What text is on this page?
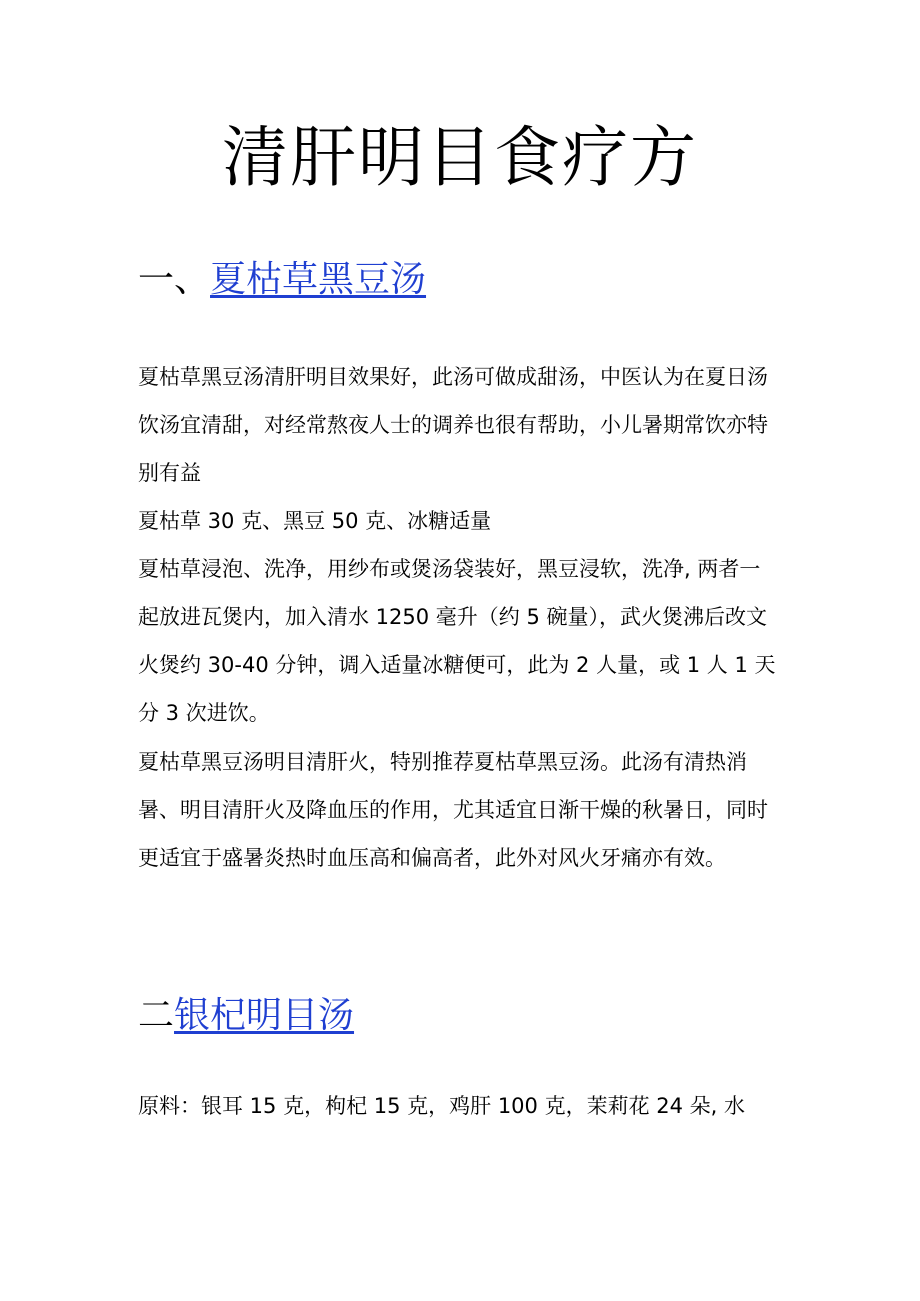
清肝明目食疗方
一、夏枯草黑豆汤

夏枯草黑豆汤清肝明目效果好，此汤可做成甜汤，中医认为在夏日汤饮汤宜清甜，对经常熬夜人士的调养也很有帮助，小儿暑期常饮亦特别有益

夏枯草 30 克、黑豆 50 克、冰糖适量

夏枯草浸泡、洗净，用纱布或煲汤袋装好，黑豆浸软，洗净, 两者一起放进瓦煲内，加入清水 1250 毫升（约 5 碗量），武火煲沸后改文火煲约 30-40 分钟，调入适量冰糖便可，此为 2 人量，或 1 人 1 天分 3 次进饮。

夏枯草黑豆汤明目清肝火，特别推荐夏枯草黑豆汤。此汤有清热消暑、明目清肝火及降血压的作用，尤其适宜日渐干燥的秋暑日，同时更适宜于盛暑炎热时血压高和偏高者，此外对风火牙痛亦有效。

二银杞明目汤

原料：银耳 15 克，枸杞 15 克，鸡肝 100 克，茉莉花 24 朵, 水
